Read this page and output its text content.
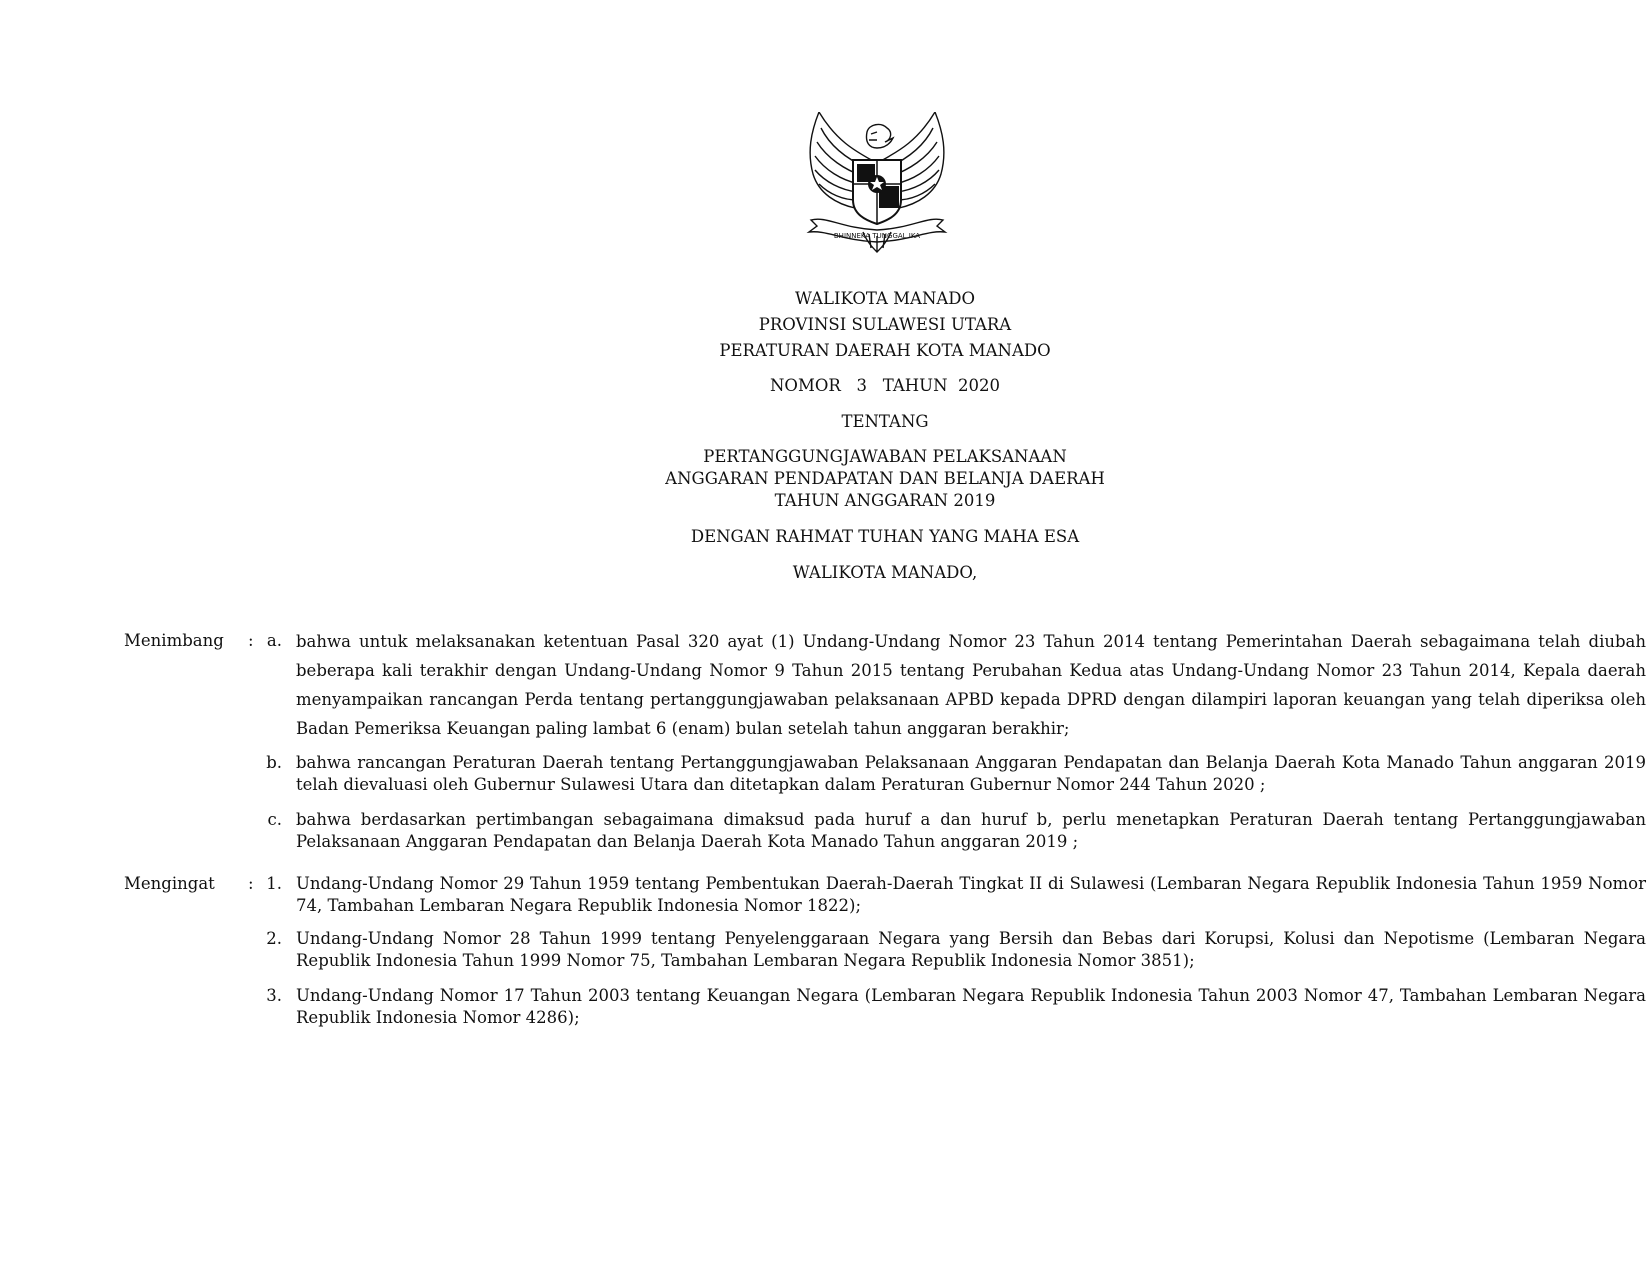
BHINNEKA TUNGGAL IKA
WALIKOTA MANADO
PROVINSI SULAWESI UTARA
PERATURAN DAERAH KOTA MANADO
NOMOR   3   TAHUN  2020
TENTANG
PERTANGGUNGJAWABAN PELAKSANAAN
ANGGARAN PENDAPATAN DAN BELANJA DAERAH
TAHUN ANGGARAN 2019
DENGAN RAHMAT TUHAN YANG MAHA ESA
WALIKOTA MANADO,
Menimbang : a. bahwa untuk melaksanakan ketentuan Pasal 320 ayat (1) Undang-Undang Nomor 23 Tahun 2014 tentang Pemerintahan Daerah sebagaimana telah diubah beberapa kali terakhir dengan Undang-Undang Nomor 9 Tahun 2015 tentang Perubahan Kedua atas Undang-Undang Nomor 23 Tahun 2014, Kepala daerah menyampaikan rancangan Perda tentang pertanggungjawaban pelaksanaan APBD kepada DPRD dengan dilampiri laporan keuangan yang telah diperiksa oleh Badan Pemeriksa Keuangan paling lambat 6 (enam) bulan setelah tahun anggaran berakhir;
b. bahwa rancangan Peraturan Daerah tentang Pertanggungjawaban Pelaksanaan Anggaran Pendapatan dan Belanja Daerah Kota Manado Tahun anggaran 2019 telah dievaluasi oleh Gubernur Sulawesi Utara dan ditetapkan dalam Peraturan Gubernur Nomor 244 Tahun 2020 ;
c. bahwa berdasarkan pertimbangan sebagaimana dimaksud pada huruf a dan huruf b, perlu menetapkan Peraturan Daerah tentang Pertanggungjawaban Pelaksanaan Anggaran Pendapatan dan Belanja Daerah Kota Manado Tahun anggaran 2019 ;
Mengingat : 1. Undang-Undang Nomor 29 Tahun 1959 tentang Pembentukan Daerah-Daerah Tingkat II di Sulawesi (Lembaran Negara Republik Indonesia Tahun 1959 Nomor 74, Tambahan Lembaran Negara Republik Indonesia Nomor 1822);
2. Undang-Undang Nomor 28 Tahun 1999 tentang Penyelenggaraan Negara yang Bersih dan Bebas dari Korupsi, Kolusi dan Nepotisme (Lembaran Negara Republik Indonesia Tahun 1999 Nomor 75, Tambahan Lembaran Negara Republik Indonesia Nomor 3851);
3. Undang-Undang Nomor 17 Tahun 2003 tentang Keuangan Negara (Lembaran Negara Republik Indonesia Tahun 2003 Nomor 47, Tambahan Lembaran Negara Republik Indonesia Nomor 4286);
